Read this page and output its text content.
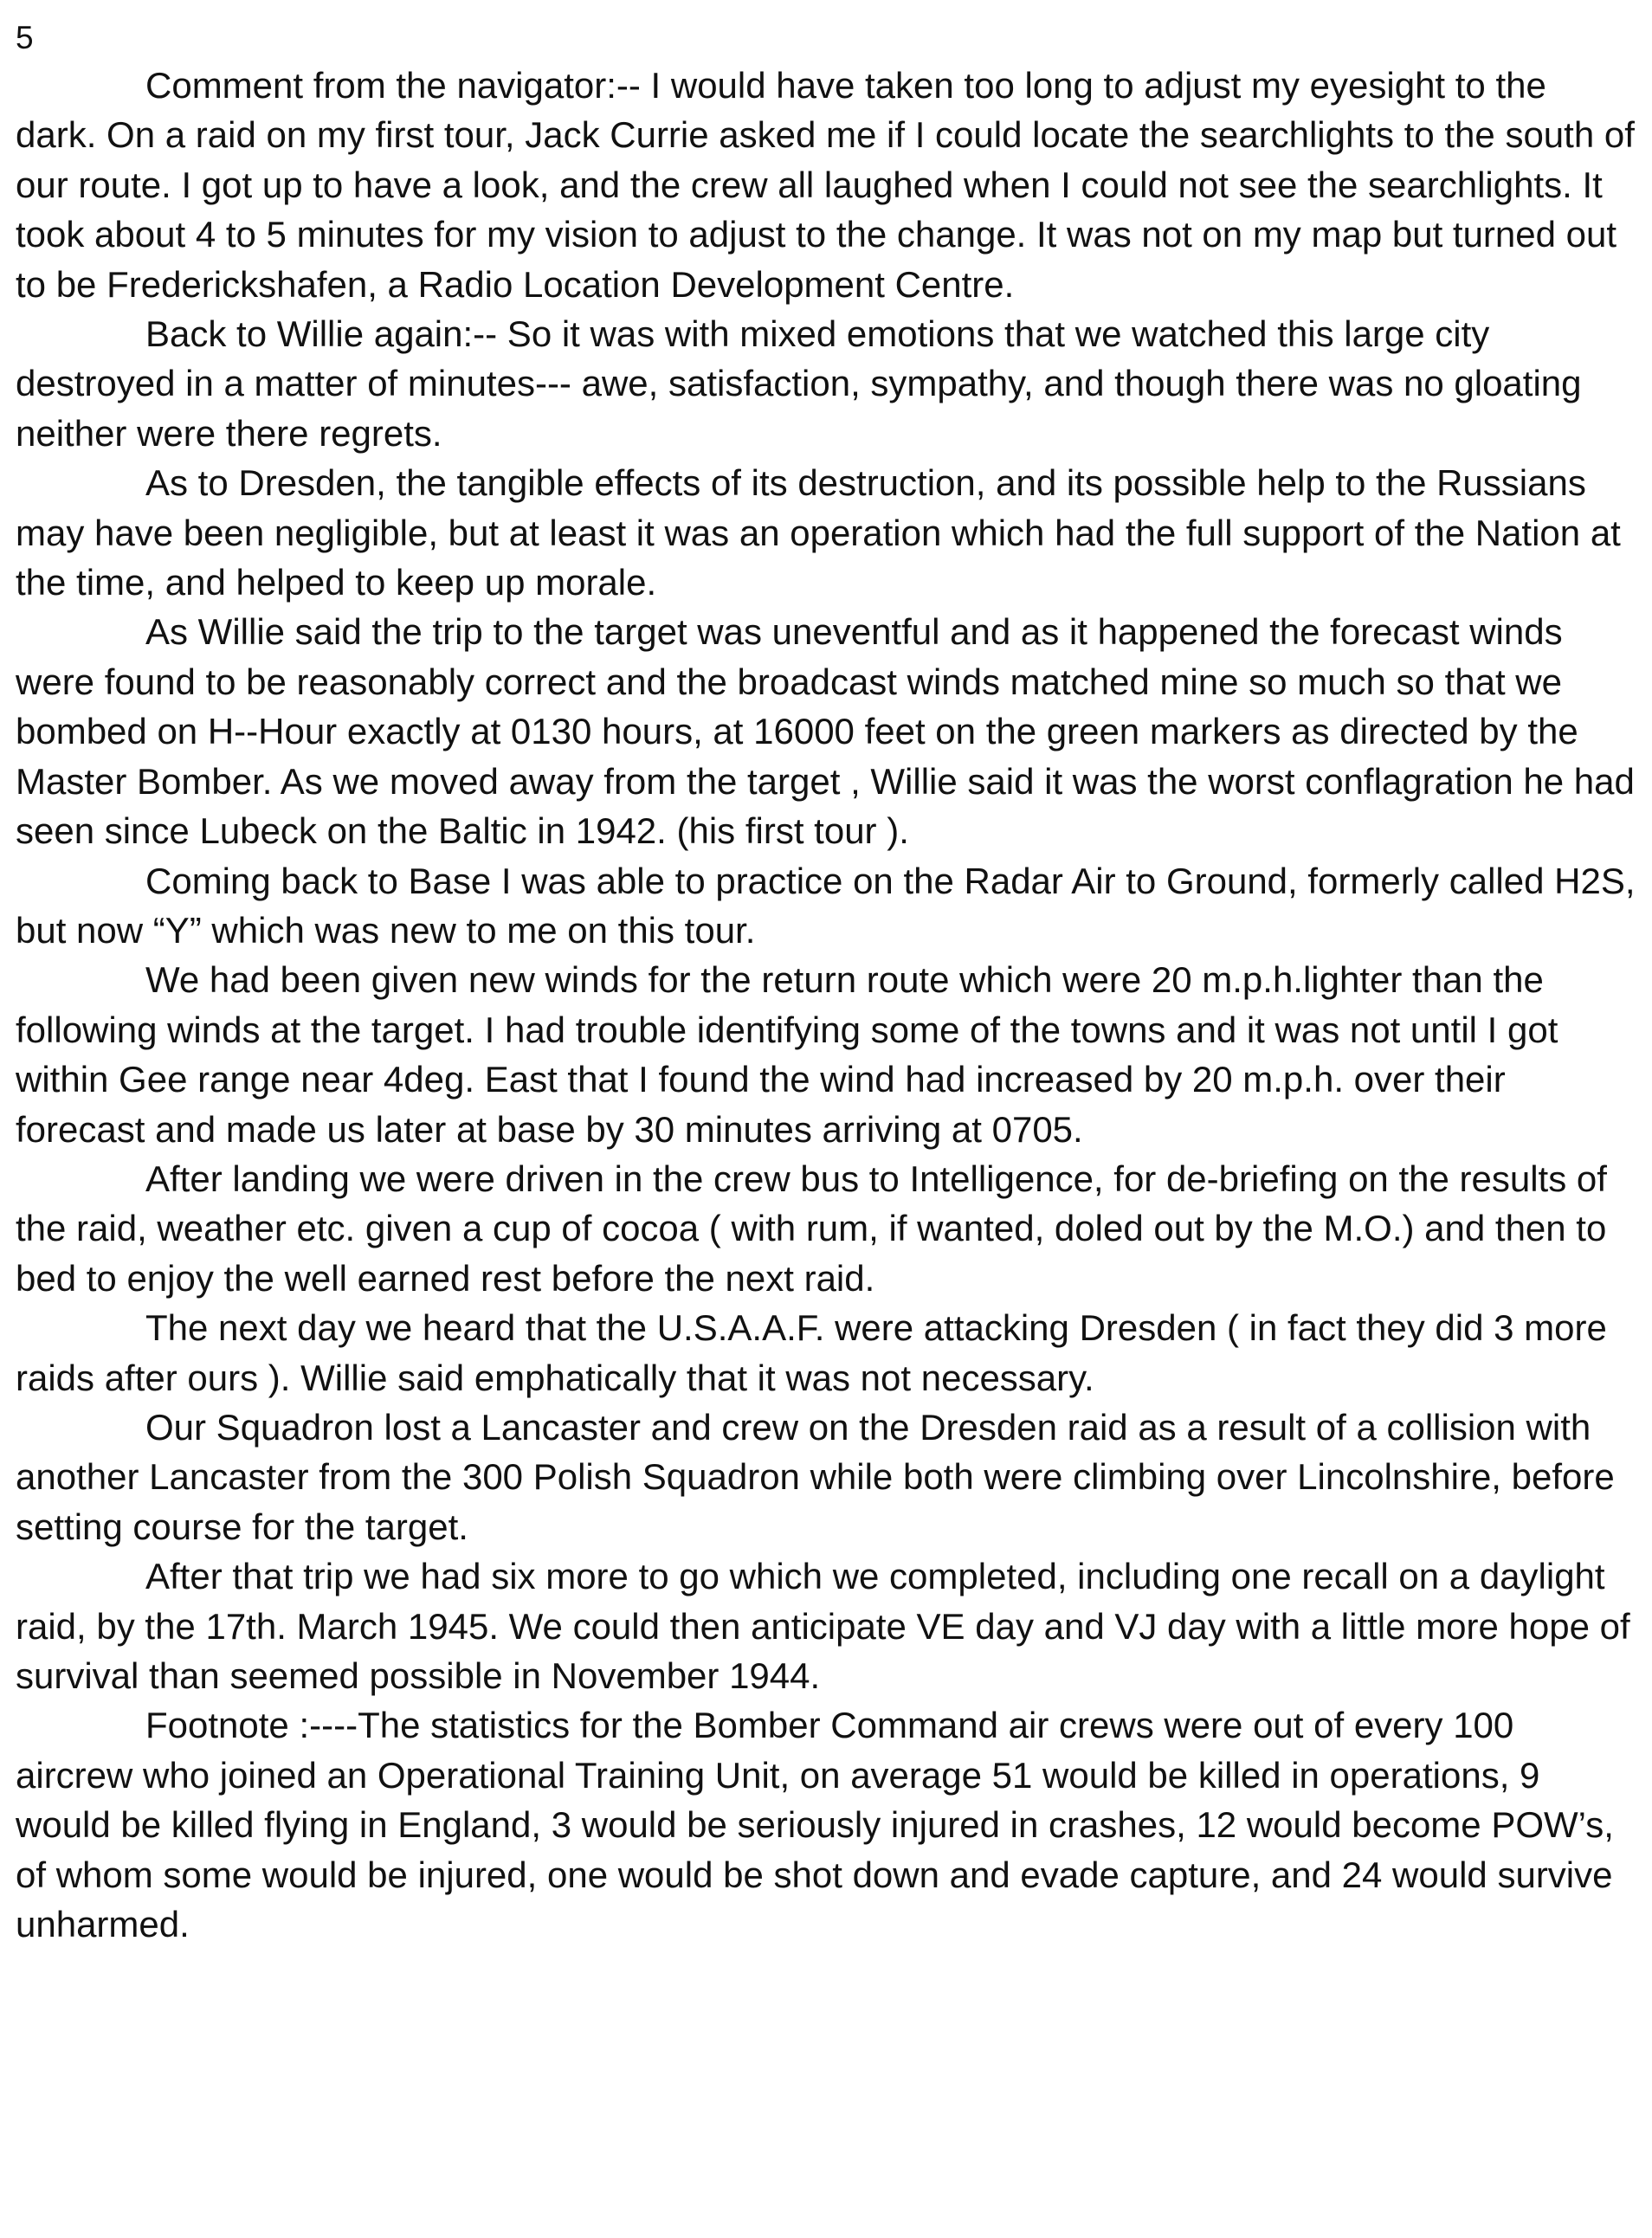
5

Comment from the navigator:-- I would have taken too long to adjust my eyesight to the dark. On a raid on my first tour, Jack Currie asked me if I could locate the searchlights to the south of our route. I got up to have a look, and the crew all laughed when I could not see the searchlights. It took about 4 to 5 minutes for my vision to adjust to the change. It was not on my map but turned out to be Frederickshafen, a Radio Location Development Centre.

Back to Willie again:-- So it was with mixed emotions that we watched this large city destroyed in a matter of minutes--- awe, satisfaction, sympathy, and though there was no gloating neither were there regrets.

As to Dresden, the tangible effects of its destruction, and its possible help to the Russians may have been negligible, but at least it was an operation which had the full support of the Nation at the time, and helped to keep up morale.

As Willie said the trip to the target was uneventful and as it happened the forecast winds were found to be reasonably correct and the broadcast winds matched mine so much so that we bombed on H--Hour exactly at 0130 hours, at 16000 feet on the green markers as directed by the Master Bomber. As we moved away from the target , Willie said it was the worst conflagration he had seen since Lubeck on the Baltic in 1942. (his first tour ).

Coming back to Base I was able to practice on the Radar Air to Ground, formerly called H2S, but now “Y” which was new to me on this tour.

We had been given new winds for the return route which were 20 m.p.h.lighter than the following winds at the target. I had trouble identifying some of the towns and it was not until I got within Gee range near 4deg. East that I found the wind had increased by 20 m.p.h. over their forecast and made us later at base by 30 minutes arriving at 0705.

After landing we were driven in the crew bus to Intelligence, for de-briefing on the results of the raid, weather etc. given a cup of cocoa ( with rum, if wanted, doled out by the M.O.) and then to bed to enjoy the well earned rest before the next raid.

The next day we heard that the U.S.A.A.F. were attacking Dresden ( in fact they did 3 more raids after ours ). Willie said emphatically that it was not necessary.

Our Squadron lost a Lancaster and crew on the Dresden raid as a result of a collision with another Lancaster from the 300 Polish Squadron while both were climbing over Lincolnshire, before setting course for the target.

After that trip we had six more to go which we completed, including one recall on a daylight raid, by the 17th. March 1945. We could then anticipate VE day and VJ day with a little more hope of survival than seemed possible in November 1944.

Footnote :----The statistics for the Bomber Command air crews were out of every 100 aircrew who joined an Operational Training Unit, on average 51 would be killed in operations, 9 would be killed flying in England, 3 would be seriously injured in crashes, 12 would become POW’s, of whom some would be injured, one would be shot down and evade capture, and 24 would survive unharmed.
